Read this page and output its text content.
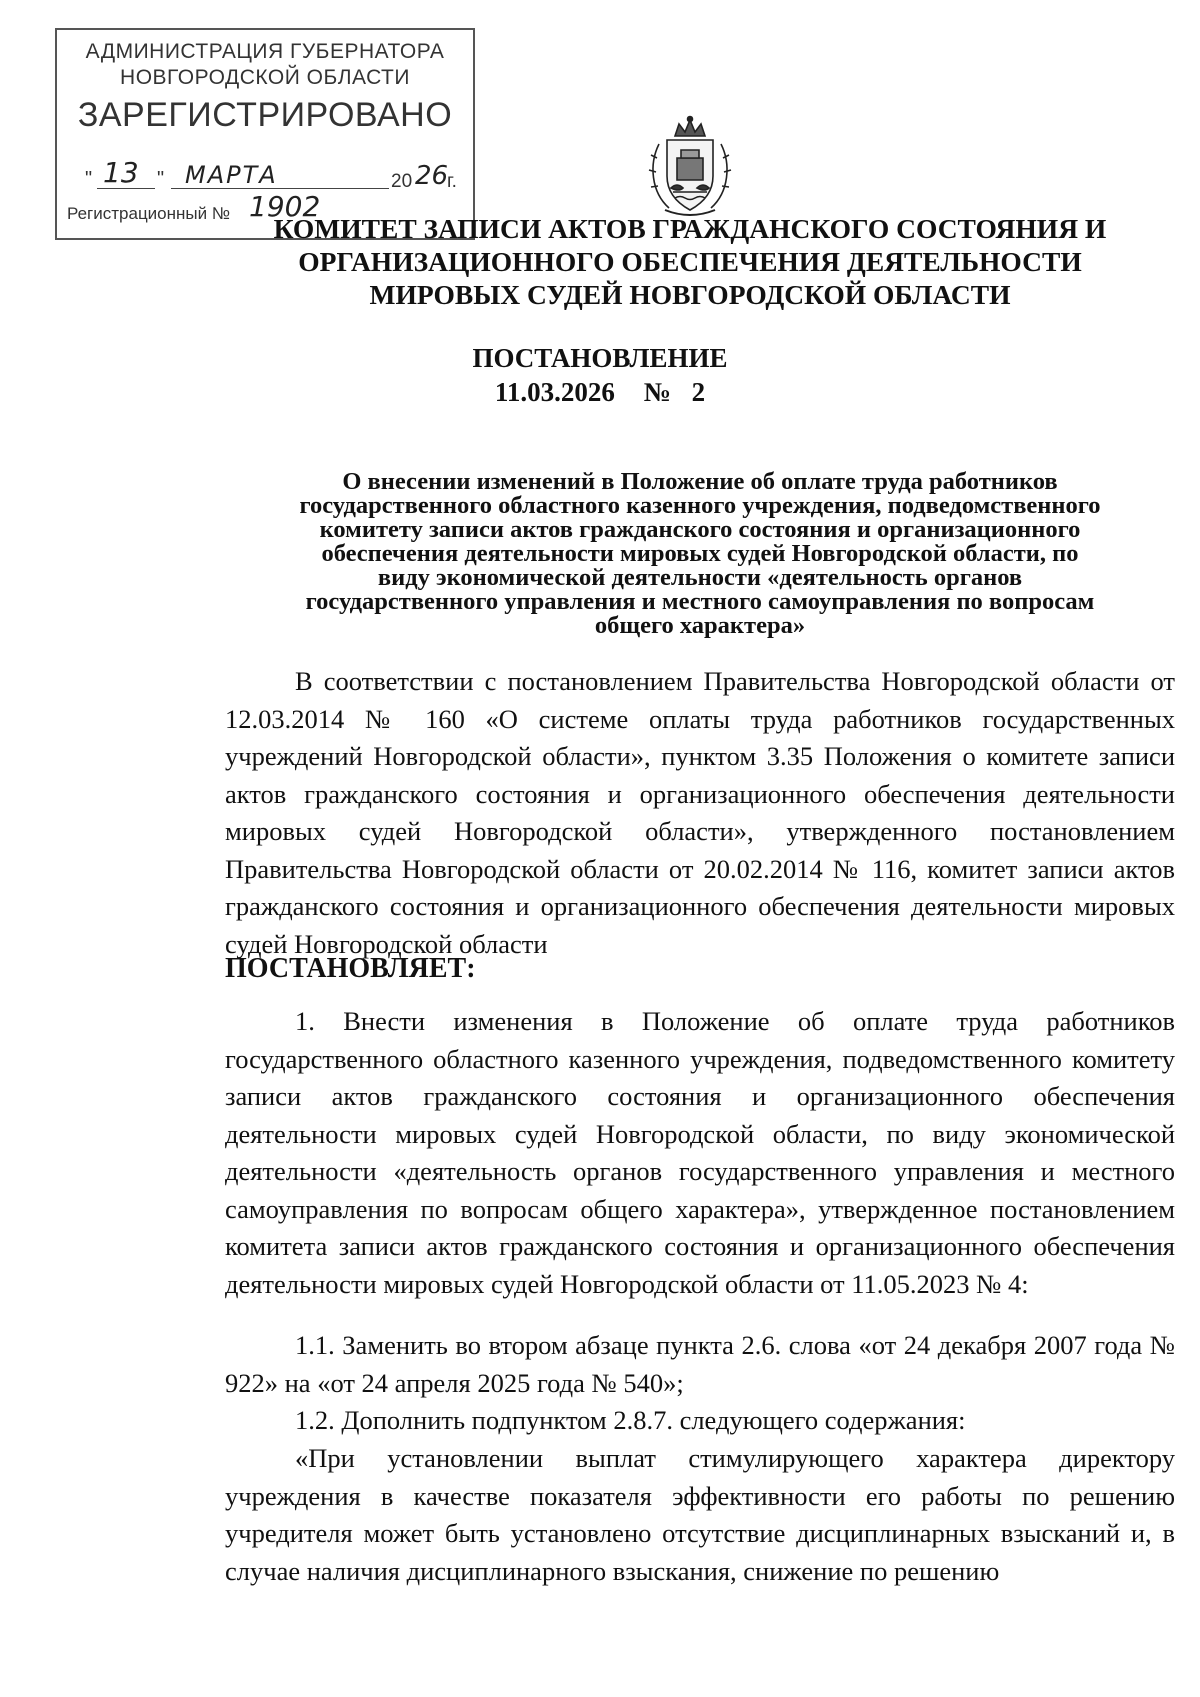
АДМИНИСТРАЦИЯ ГУБЕРНАТОРА
НОВГОРОДСКОЙ ОБЛАСТИ
ЗАРЕГИСТРИРОВАНО
" 13 " МАРТА	20 26
г.
Регистрационный № 1902
КОМИТЕТ ЗАПИСИ АКТОВ ГРАЖДАНСКОГО СОСТОЯНИЯ И
ОРГАНИЗАЦИОННОГО ОБЕСПЕЧЕНИЯ ДЕЯТЕЛЬНОСТИ
МИРОВЫХ СУДЕЙ НОВГОРОДСКОЙ ОБЛАСТИ
ПОСТАНОВЛЕНИЕ
11.03.2026 № 2
О внесении изменений в Положение об оплате труда работников
государственного областного казенного учреждения, подведомственного
комитету записи актов гражданского состояния и организационного
обеспечения деятельности мировых судей Новгородской области, по
виду экономической деятельности «деятельность органов
государственного управления и местного самоуправления по вопросам
общего характера»

В соответствии с постановлением Правительства Новгородской области от 12.03.2014 № 160 «О системе оплаты труда работников государственных учреждений Новгородской области», пунктом 3.35 Положения о комитете записи актов гражданского состояния и организационного обеспечения деятельности мировых судей Новгородской области», утвержденного постановлением Правительства Новгородской области от 20.02.2014 № 116, комитет записи актов гражданского состояния и организационного обеспечения деятельности мировых судей Новгородской области

ПОСТАНОВЛЯЕТ:

1. Внести изменения в Положение об оплате труда работников государственного областного казенного учреждения, подведомственного комитету записи актов гражданского состояния и организационного обеспечения деятельности мировых судей Новгородской области, по виду экономической деятельности «деятельность органов государственного управления и местного самоуправления по вопросам общего характера», утвержденное постановлением комитета записи актов гражданского состояния и организационного обеспечения деятельности мировых судей Новгородской области от 11.05.2023 № 4:

1.1. Заменить во втором абзаце пункта 2.6. слова «от 24 декабря 2007 года № 922» на «от 24 апреля 2025 года № 540»;

1.2. Дополнить подпунктом 2.8.7. следующего содержания:

«При установлении выплат стимулирующего характера директору учреждения в качестве показателя эффективности его работы по решению учредителя может быть установлено отсутствие дисциплинарных взысканий и, в случае наличия дисциплинарного взыскания, снижение по решению
